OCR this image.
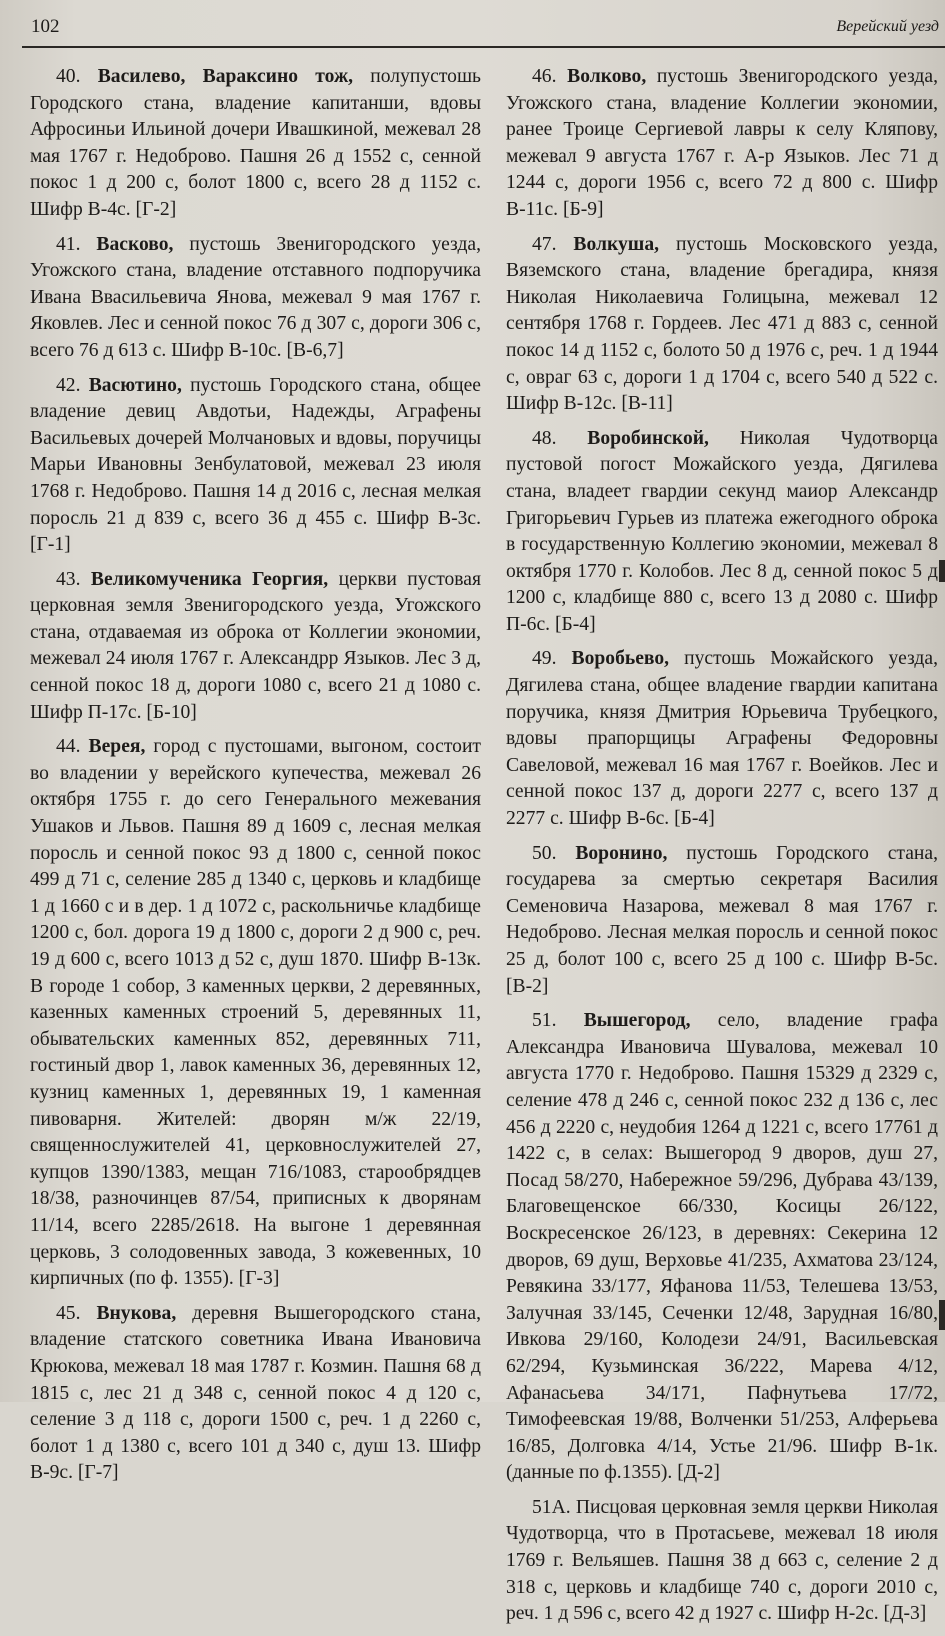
102	Верейский уезд

40. Василево, Вараксино тож, полупустошь Городского стана, владение капитанши, вдовы Афросиньи Ильиной дочери Ивашкиной, межевал 28 мая 1767 г. Недоброво. Пашня 26 д 1552 с, сенной покос 1 д 200 с, болот 1800 с, всего 28 д 1152 с. Шифр В-4с. [Г-2]

41. Васково, пустошь Звенигородского уезда, Угожского стана, владение отставного подпоручика Ивана Ввасильевича Янова, межевал 9 мая 1767 г. Яковлев. Лес и сенной покос 76 д 307 с, дороги 306 с, всего 76 д 613 с. Шифр В-10с. [В-6,7]

42. Васютино, пустошь Городского стана, общее владение девиц Авдотьи, Надежды, Аграфены Васильевых дочерей Молчановых и вдовы, поручицы Марьи Ивановны Зенбулатовой, межевал 23 июля 1768 г. Недоброво. Пашня 14 д 2016 с, лесная мелкая поросль 21 д 839 с, всего 36 д 455 с. Шифр В-3с. [Г-1]

43. Великомученика Георгия, церкви пустовая церковная земля Звенигородского уезда, Угожского стана, отдаваемая из оброка от Коллегии экономии, межевал 24 июля 1767 г. Александрр Языков. Лес 3 д, сенной покос 18 д, дороги 1080 с, всего 21 д 1080 с. Шифр П-17с. [Б-10]

44. Верея, город с пустошами, выгоном, состоит во владении у верейского купечества, межевал 26 октября 1755 г. до сего Генерального межевания Ушаков и Львов. Пашня 89 д 1609 с, лесная мелкая поросль и сенной покос 93 д 1800 с, сенной покос 499 д 71 с, селение 285 д 1340 с, церковь и кладбище 1 д 1660 с и в дер. 1 д 1072 с, раскольничье кладбище 1200 с, бол. дорога 19 д 1800 с, дороги 2 д 900 с, реч. 19 д 600 с, всего 1013 д 52 с, душ 1870. Шифр В-13к. В городе 1 собор, 3 каменных церкви, 2 деревянных, казенных каменных строений 5, деревянных 11, обывательских каменных 852, деревянных 711, гостиный двор 1, лавок каменных 36, деревянных 12, кузниц каменных 1, деревянных 19, 1 каменная пивоварня. Жителей: дворян м/ж 22/19, священнослужителей 41, церковнослужителей 27, купцов 1390/1383, мещан 716/1083, старообрядцев 18/38, разночинцев 87/54, приписных к дворянам 11/14, всего 2285/2618. На выгоне 1 деревянная церковь, 3 солодовенных завода, 3 кожевенных, 10 кирпичных (по ф. 1355). [Г-3]

45. Внукова, деревня Вышегородского стана, владение статского советника Ивана Ивановича Крюкова, межевал 18 мая 1787 г. Козмин. Пашня 68 д 1815 с, лес 21 д 348 с, сенной покос 4 д 120 с, селение 3 д 118 с, дороги 1500 с, реч. 1 д 2260 с, болот 1 д 1380 с, всего 101 д 340 с, душ 13. Шифр В-9с. [Г-7]

46. Волково, пустошь Звенигородского уезда, Угожского стана, владение Коллегии экономии, ранее Троице Сергиевой лавры к селу Кляпову, межевал 9 августа 1767 г. А-р Языков. Лес 71 д 1244 с, дороги 1956 с, всего 72 д 800 с. Шифр В-11с. [Б-9]

47. Волкуша, пустошь Московского уезда, Вяземского стана, владение брегадира, князя Николая Николаевича Голицына, межевал 12 сентября 1768 г. Гордеев. Лес 471 д 883 с, сенной покос 14 д 1152 с, болото 50 д 1976 с, реч. 1 д 1944 с, овраг 63 с, дороги 1 д 1704 с, всего 540 д 522 с. Шифр В-12с. [В-11]

48. Воробинской, Николая Чудотворца пустовой погост Можайского уезда, Дягилева стана, владеет гвардии секунд маиор Александр Григорьевич Гурьев из платежа ежегодного оброка в государственную Коллегию экономии, межевал 8 октября 1770 г. Колобов. Лес 8 д, сенной покос 5 д 1200 с, кладбище 880 с, всего 13 д 2080 с. Шифр П-6с. [Б-4]

49. Воробьево, пустошь Можайского уезда, Дягилева стана, общее владение гвардии капитана поручика, князя Дмитрия Юрьевича Трубецкого, вдовы прапорщицы Аграфены Федоровны Савеловой, межевал 16 мая 1767 г. Воейков. Лес и сенной покос 137 д, дороги 2277 с, всего 137 д 2277 с. Шифр В-6с. [Б-4]

50. Воронино, пустошь Городского стана, государева за смертью секретаря Василия Семеновича Назарова, межевал 8 мая 1767 г. Недоброво. Лесная мелкая поросль и сенной покос 25 д, болот 100 с, всего 25 д 100 с. Шифр В-5с. [В-2]

51. Вышегород, село, владение графа Александра Ивановича Шувалова, межевал 10 августа 1770 г. Недоброво. Пашня 15329 д 2329 с, селение 478 д 246 с, сенной покос 232 д 136 с, лес 456 д 2220 с, неудобия 1264 д 1221 с, всего 17761 д 1422 с, в селах: Вышегород 9 дворов, душ 27, Посад 58/270, Набережное 59/296, Дубрава 43/139, Благовещенское 66/330, Косицы 26/122, Воскресенское 26/123, в деревнях: Секерина 12 дворов, 69 душ, Верховье 41/235, Ахматова 23/124, Ревякина 33/177, Яфанова 11/53, Телешева 13/53, Залучная 33/145, Сеченки 12/48, Зарудная 16/80, Ивкова 29/160, Колодези 24/91, Васильевская 62/294, Кузьминская 36/222, Марева 4/12, Афанасьева 34/171, Пафнутьева 17/72, Тимофеевская 19/88, Волченки 51/253, Алферьева 16/85, Долговка 4/14, Устье 21/96. Шифр В-1к. (данные по ф.1355). [Д-2]

51А. Писцовая церковная земля церкви Николая Чудотворца, что в Протасьеве, межевал 18 июля 1769 г. Вельяшев. Пашня 38 д 663 с, селение 2 д 318 с, церковь и кладбище 740 с, дороги 2010 с, реч. 1 д 596 с, всего 42 д 1927 с. Шифр Н-2с. [Д-3]
